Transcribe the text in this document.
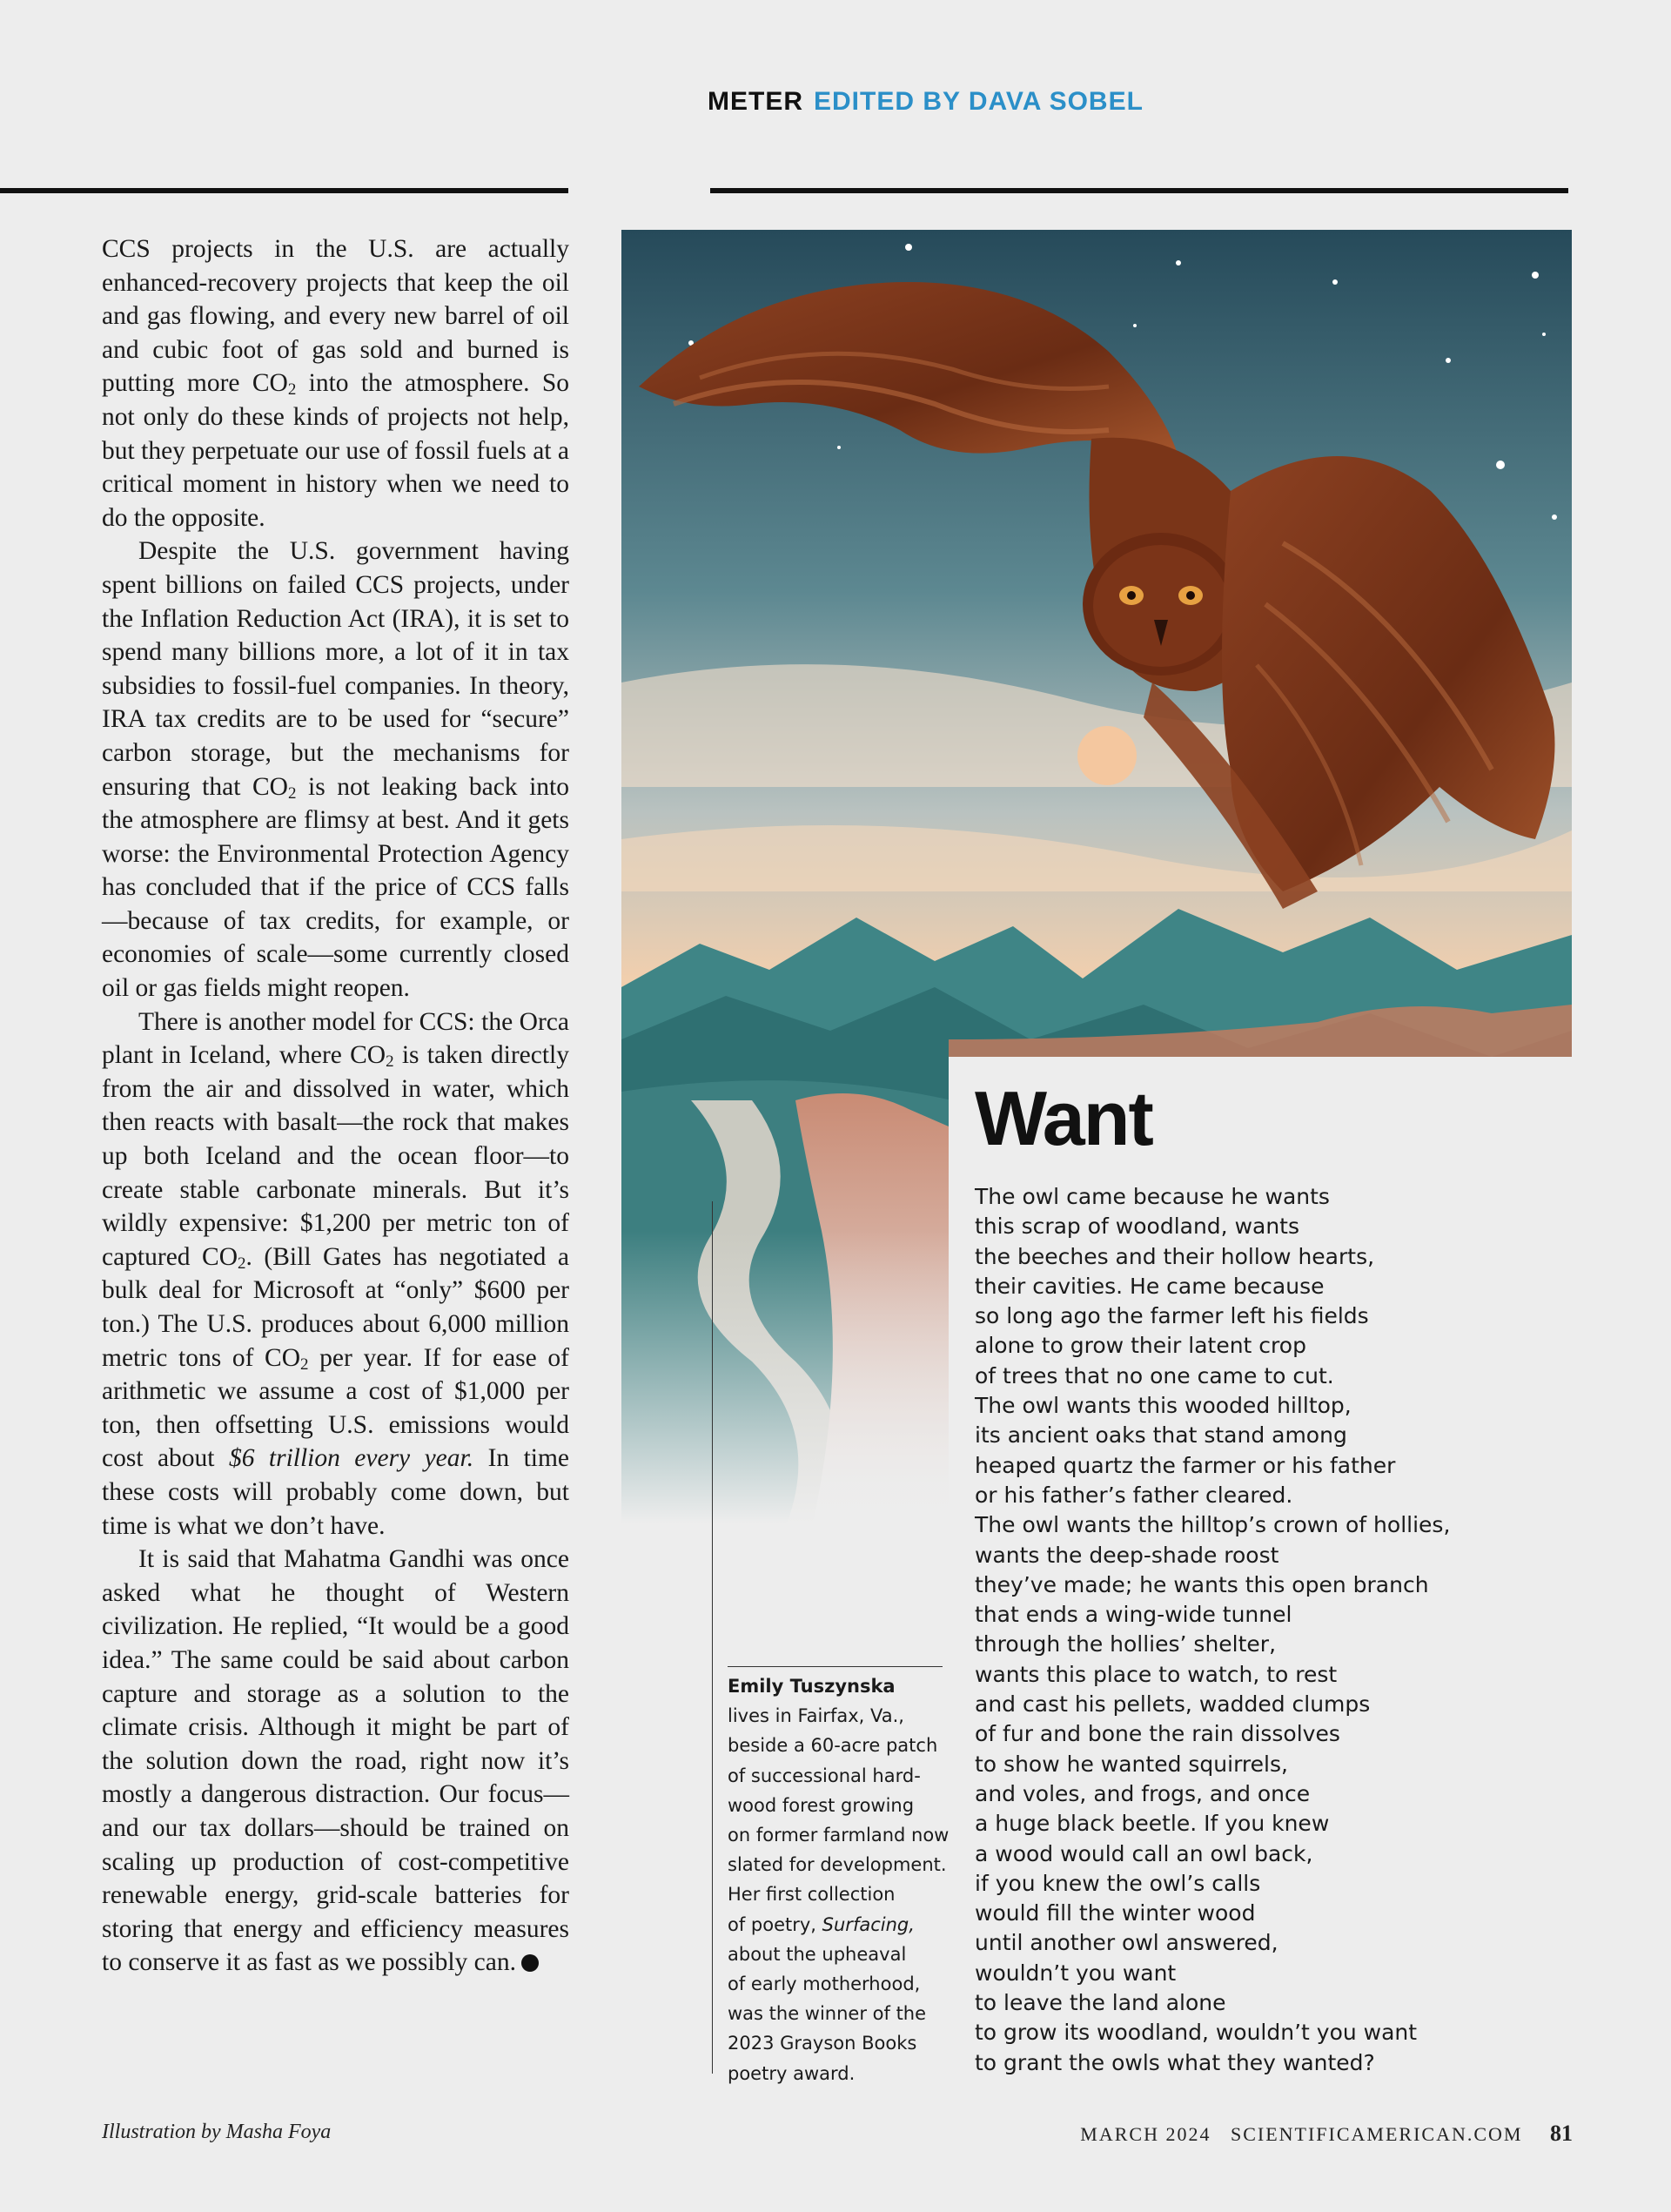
METER EDITED BY DAVA SOBEL

CCS projects in the U.S. are actually enhanced-recovery projects that keep the oil and gas flowing, and every new barrel of oil and cubic foot of gas sold and burned is putting more $CO_2$ into the atmosphere. So not only do these kinds of projects not help, but they perpetuate our use of fossil fuels at a critical moment in history when we need to do the opposite.

Despite the U.S. government having spent billions on failed CCS projects, under the Inflation Reduction Act (IRA), it is set to spend many billions more, a lot of it in tax subsidies to fossil-fuel companies. In theory, IRA tax credits are to be used for “secure” carbon storage, but the mechanisms for ensuring that $CO_2$ is not leaking back into the atmosphere are flimsy at best. And it gets worse: the Environmental Protection Agency has concluded that if the price of CCS falls—because of tax credits, for example, or economies of scale—some currently closed oil or gas fields might reopen.

There is another model for CCS: the Orca plant in Iceland, where $CO_2$ is taken directly from the air and dissolved in water, which then reacts with basalt—the rock that makes up both Iceland and the ocean floor—to create stable carbonate minerals. But it’s wildly expensive: $1,200 per metric ton of captured $CO_2$. (Bill Gates has negotiated a bulk deal for Microsoft at “only” $600 per ton.) The U.S. produces about 6,000 million metric tons of $CO_2$ per year. If for ease of arithmetic we assume a cost of $1,000 per ton, then offsetting U.S. emissions would cost about $6 trillion every year. In time these costs will probably come down, but time is what we don’t have.

It is said that Mahatma Gandhi was once asked what he thought of Western civilization. He replied, “It would be a good idea.” The same could be said about carbon capture and storage as a solution to the climate crisis. Although it might be part of the solution down the road, right now it’s mostly a dangerous distraction. Our focus—and our tax dollars—should be trained on scaling up production of cost-competitive renewable energy, grid-scale batteries for storing that energy and efficiency measures to conserve it as fast as we possibly can.

Want
The owl came because he wants
this scrap of woodland, wants
the beeches and their hollow hearts,
their cavities. He came because
so long ago the farmer left his fields
alone to grow their latent crop
of trees that no one came to cut.
The owl wants this wooded hilltop,
its ancient oaks that stand among
heaped quartz the farmer or his father
or his father’s father cleared.
The owl wants the hilltop’s crown of hollies,
wants the deep-shade roost
they’ve made; he wants this open branch
that ends a wing-wide tunnel
through the hollies’ shelter,
wants this place to watch, to rest
and cast his pellets, wadded clumps
of fur and bone the rain dissolves
to show he wanted squirrels,
and voles, and frogs, and once
a huge black beetle. If you knew
a wood would call an owl back,
if you knew the owl’s calls
would fill the winter wood
until another owl answered,
wouldn’t you want
to leave the land alone
to grow its woodland, wouldn’t you want
to grant the owls what they wanted?
Emily Tuszynska
lives in Fairfax, Va.,
beside a 60-acre patch
of successional hard-
wood forest growing
on former farmland now
slated for development.
Her first collection
of poetry, Surfacing,
about the upheaval
of early motherhood,
was the winner of the
2023 Grayson Books
poetry award.
Illustration by Masha Foya	MARCH 2024 SCIENTIFICAMERICAN.COM 81
